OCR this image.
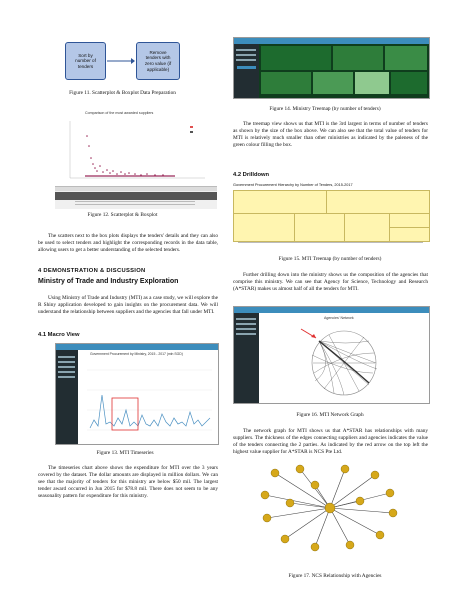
Sort by
number of
tenders
Remove
tenders with
zero value (if
applicable)
Figure 11. Scatterplot & Boxplot Data Preparation
Comparison of the most awarded suppliers
Figure 12. Scatterplot & Boxplot

The scatters next to the box plots displays the tenders' details and they can also be used to select tenders and highlight the corresponding records in the data table, allowing users to get a better understanding of the selected tenders.

4 DEMONSTRATION & DISCUSSION
Ministry of Trade and Industry Exploration

Using Ministry of Trade and Industry (MTI) as a case study, we will explore the R Shiny application developed to gain insights on the procurement data. We will understand the relationship between suppliers and the agencies that fall under MTI.

4.1 Macro View
Government Procurement by Ministry, 2015 - 2017 (mln SGD)
Figure 13. MTI Timeseries

The timeseries chart above shows the expenditure for MTI over the 3 years covered by the dataset. The dollar amounts are displayed in million dollars. We can see that the majority of tenders for this ministry are below $50 mil. The largest tender award occurred in Jun 2015 for $78.8 mil. There does not seem to be any seasonality pattern for expenditure for this ministry.

Figure 14. Ministry Treemap (by number of tenders)

The treemap view shows us that MTI is the 3rd largest in terms of number of tenders as shown by the size of the box above. We can also see that the total value of tenders for MTI is relatively much smaller than other ministries as indicated by the paleness of the green colour filling the box.

4.2 Drilldown
Government Procurement Hierarchy by Number of Tenders, 2015-2017
Figure 15. MTI Treemap (by number of tenders)

Further drilling down into the ministry shows us the composition of the agencies that comprise this ministry. We can see that Agency for Science, Technology and Research (A*STAR) makes us almost half of all the tenders for MTI.

Agencies' Network
Figure 16. MTI Network Graph

The network graph for MTI shows us that A*STAR has relationships with many suppliers. The thickness of the edges connecting suppliers and agencies indicates the value of the tenders connecting the 2 parties. As indicated by the red arrow on the top left the highest value supplier for A*STAR is NCS Pte Ltd.

Figure 17. NCS Relationship with Agencies
